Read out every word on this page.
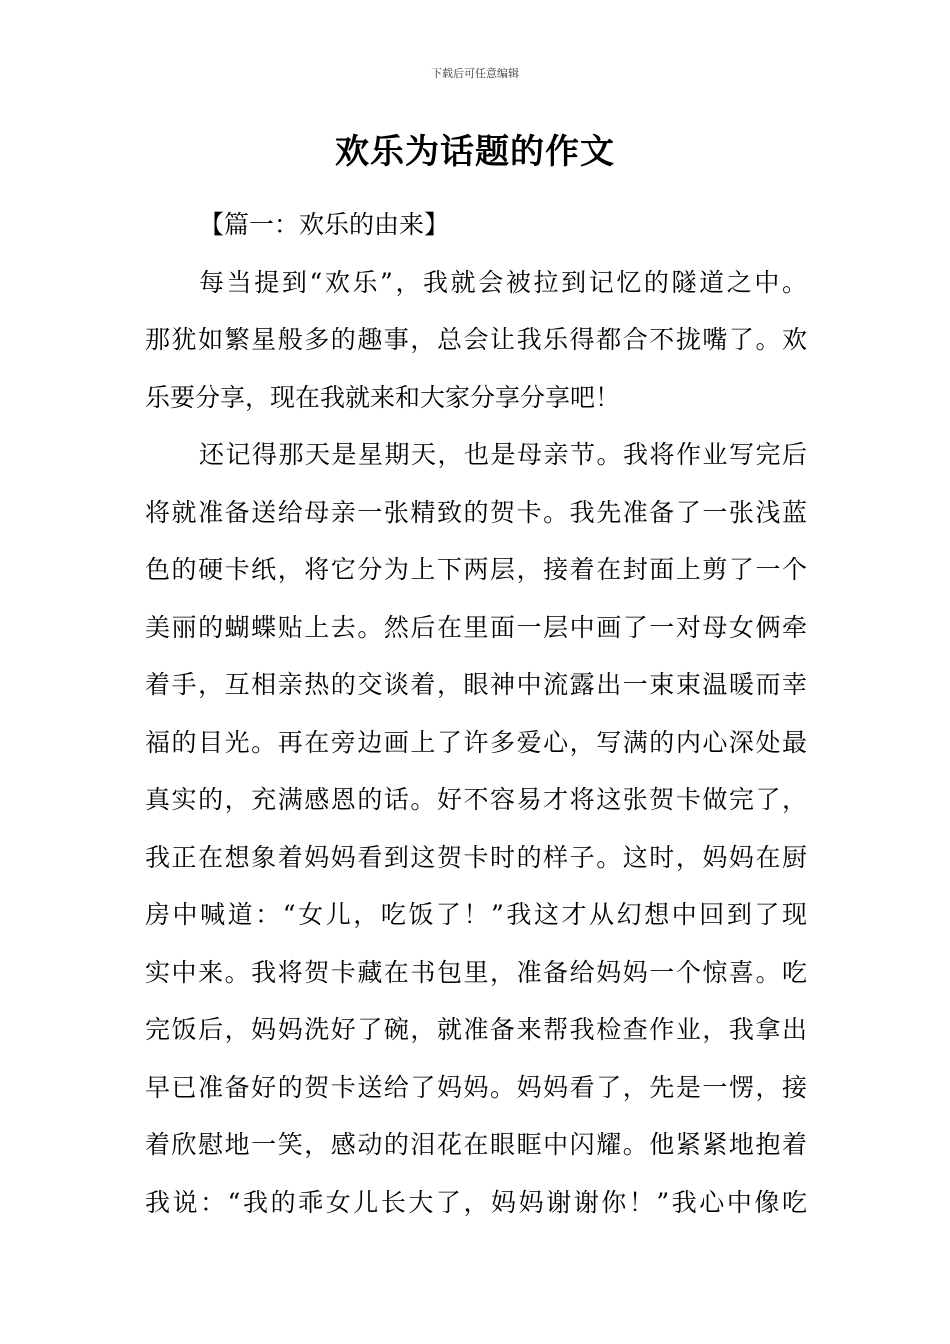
下载后可任意编辑
欢乐为话题的作文
【篇一：欢乐的由来】
每当提到“欢乐”，我就会被拉到记忆的隧道之中。
那犹如繁星般多的趣事，总会让我乐得都合不拢嘴了。欢
乐要分享，现在我就来和大家分享分享吧！
还记得那天是星期天，也是母亲节。我将作业写完后
将就准备送给母亲一张精致的贺卡。我先准备了一张浅蓝
色的硬卡纸，将它分为上下两层，接着在封面上剪了一个
美丽的蝴蝶贴上去。然后在里面一层中画了一对母女俩牵
着手，互相亲热的交谈着，眼神中流露出一束束温暖而幸
福的目光。再在旁边画上了许多爱心，写满的内心深处最
真实的，充满感恩的话。好不容易才将这张贺卡做完了，
我正在想象着妈妈看到这贺卡时的样子。这时，妈妈在厨
房中喊道：“女儿，吃饭了！”我这才从幻想中回到了现
实中来。我将贺卡藏在书包里，准备给妈妈一个惊喜。吃
完饭后，妈妈洗好了碗，就准备来帮我检查作业，我拿出
早已准备好的贺卡送给了妈妈。妈妈看了，先是一愣，接
着欣慰地一笑，感动的泪花在眼眶中闪耀。他紧紧地抱着
我说：“我的乖女儿长大了，妈妈谢谢你！”我心中像吃
